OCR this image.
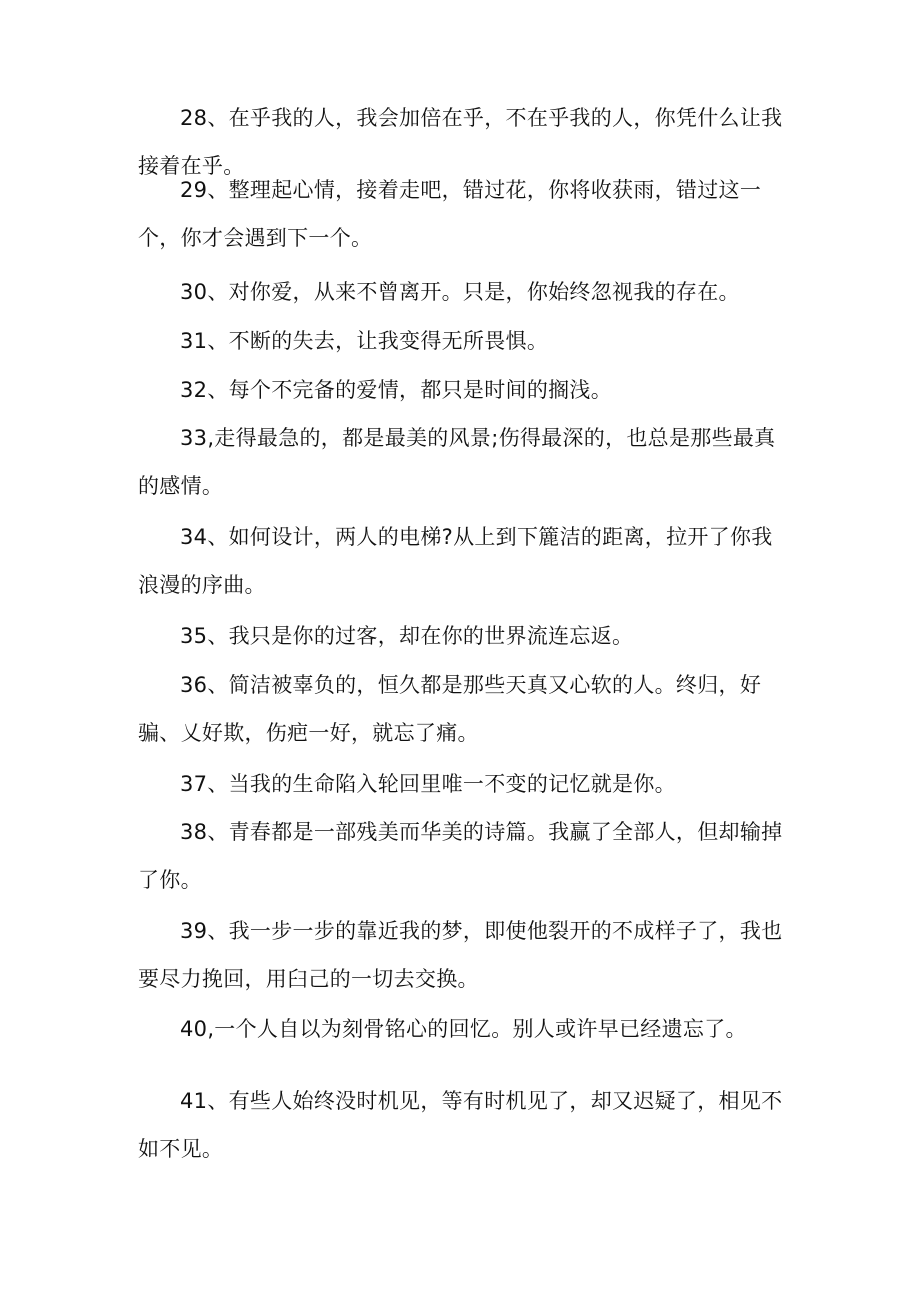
28、在乎我的人，我会加倍在乎，不在乎我的人，你凭什么让我接着在乎。

29、整理起心情，接着走吧，错过花，你将收获雨，错过这一个，你才会遇到下一个。

30、对你爱，从来不曾离开。只是，你始终忽视我的存在。

31、不断的失去，让我变得无所畏惧。

32、每个不完备的爱情，都只是时间的搁浅。

33,走得最急的，都是最美的风景;伤得最深的，也总是那些最真的感情。

34、如何设计，两人的电梯?从上到下簏洁的距离，拉开了你我浪漫的序曲。

35、我只是你的过客，却在你的世界流连忘返。

36、简洁被辜负的，恒久都是那些天真又心软的人。终归，好骗、乂好欺，伤疤一好，就忘了痛。

37、当我的生命陷入轮回里唯一不变的记忆就是你。

38、青春都是一部残美而华美的诗篇。我赢了全部人，但却输掉了你。

39、我一步一步的靠近我的梦，即使他裂开的不成样子了，我也要尽力挽回，用臼己的一切去交换。

40,一个人自以为刻骨铭心的回忆。别人或许早已经遗忘了。

41、有些人始终没时机见，等有时机见了，却又迟疑了，相见不如不见。
